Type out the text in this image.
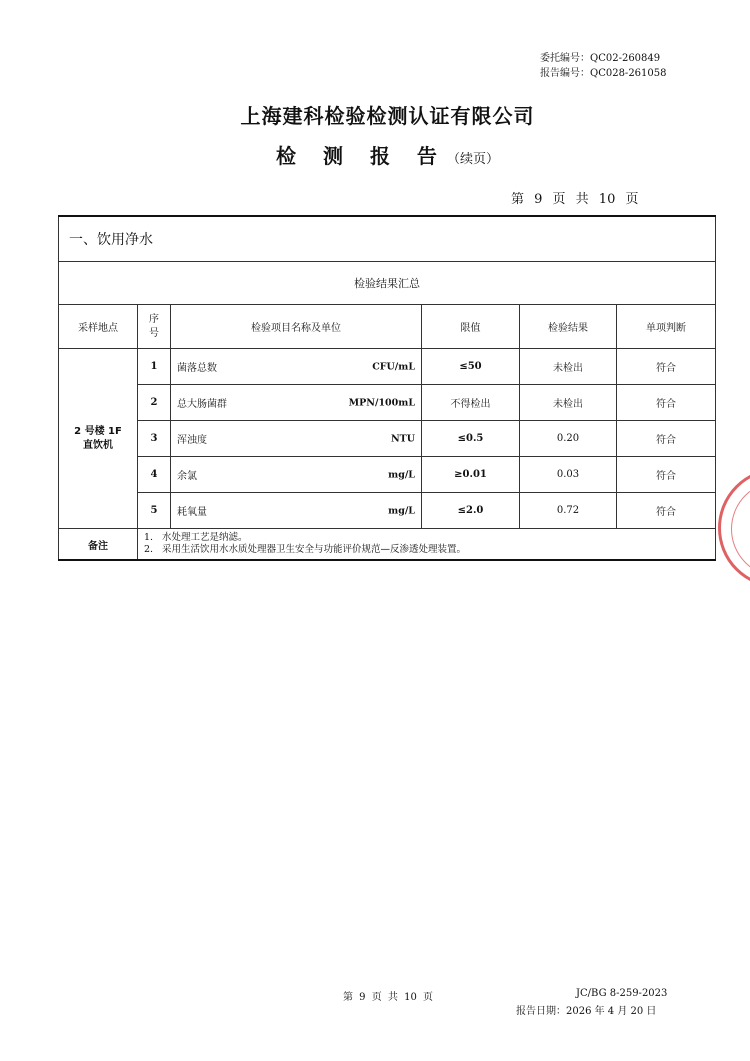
委托编号：QC02-260849
报告编号：QC028-261058
上海建科检验检测认证有限公司
检 测 报 告（续页）
第 9 页 共 10 页
一、饮用净水					
检验结果汇总					
采样地点	序号	检验项目名称及单位	限值	检验结果	单项判断
2 号楼 1F 直饮机	1	菌落总数 CFU/mL	≤50	未检出	符合
	2	总大肠菌群 MPN/100mL	不得检出	未检出	符合
	3	浑浊度 NTU	≤0.5	0.20	符合
	4	余氯 mg/L	≥0.01	0.03	符合
	5	耗氧量 mg/L	≤2.0	0.72	符合
备注	1. 水处理工艺是纳滤。
2. 采用生活饮用水水质处理器卫生安全与功能评价规范—反渗透处理装置。				
第 9 页 共 10 页	JC/BG 8-259-2023
报告日期：2026 年 4 月 20 日
